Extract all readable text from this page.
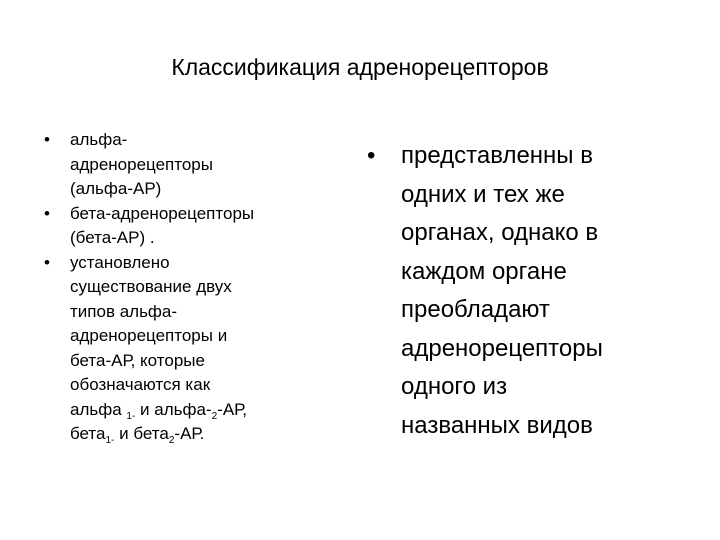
Классификация адренорецепторов
• альфа-
адренорецепторы
(альфа-АР)
• бета-адренорецепторы
(бета-АР) .
• установлено
существование двух
типов альфа-
адренорецепторы и
бета-АР, которые
обозначаются как
альфа $_{1-}$ и альфа-$_2-АР$,
бета$_{1-}$ и бета$_2$-АР.
• представленны в
одних и тех же
органах, однако в
каждом органе
преобладают
адренорецепторы
одного из
названных видов
